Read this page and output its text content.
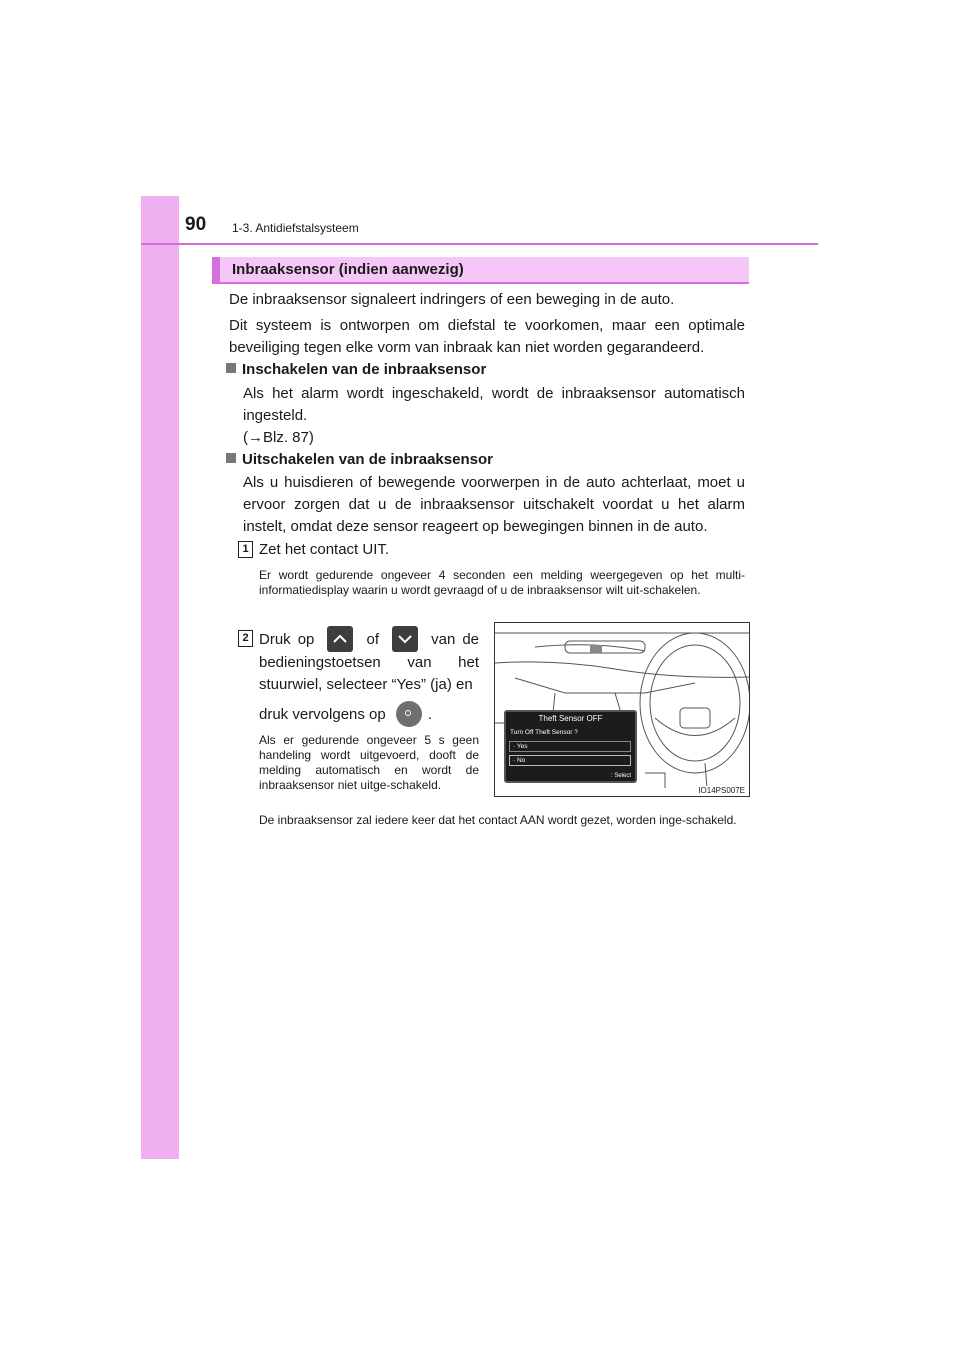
90 1-3. Antidiefstalsysteem
Inbraaksensor (indien aanwezig)

De inbraaksensor signaleert indringers of een beweging in de auto.

Dit systeem is ontworpen om diefstal te voorkomen, maar een optimale beveiliging tegen elke vorm van inbraak kan niet worden gegarandeerd.

Inschakelen van de inbraaksensor

Als het alarm wordt ingeschakeld, wordt de inbraaksensor automatisch ingesteld.

(→Blz. 87)

Uitschakelen van de inbraaksensor

Als u huisdieren of bewegende voorwerpen in de auto achterlaat, moet u ervoor zorgen dat u de inbraaksensor uitschakelt voordat u het alarm instelt, omdat deze sensor reageert op bewegingen binnen in de auto.

1 Zet het contact UIT.

Er wordt gedurende ongeveer 4 seconden een melding weergegeven op het multi-informatiedisplay waarin u wordt gevraagd of u de inbraaksensor wilt uit-schakelen.

2 Druk op	of	van de bedieningstoetsen van het stuurwiel, selecteer “Yes” (ja) en
druk vervolgens op	.

Als er gedurende ongeveer 5 s geen handeling wordt uitgevoerd, dooft de melding automatisch en wordt de inbraaksensor niet uitge-schakeld.

Theft Sensor OFF
Turn Off Theft Sensor ?
· Yes
· No
: Select
IO14PS007E

De inbraaksensor zal iedere keer dat het contact AAN wordt gezet, worden inge-schakeld.
